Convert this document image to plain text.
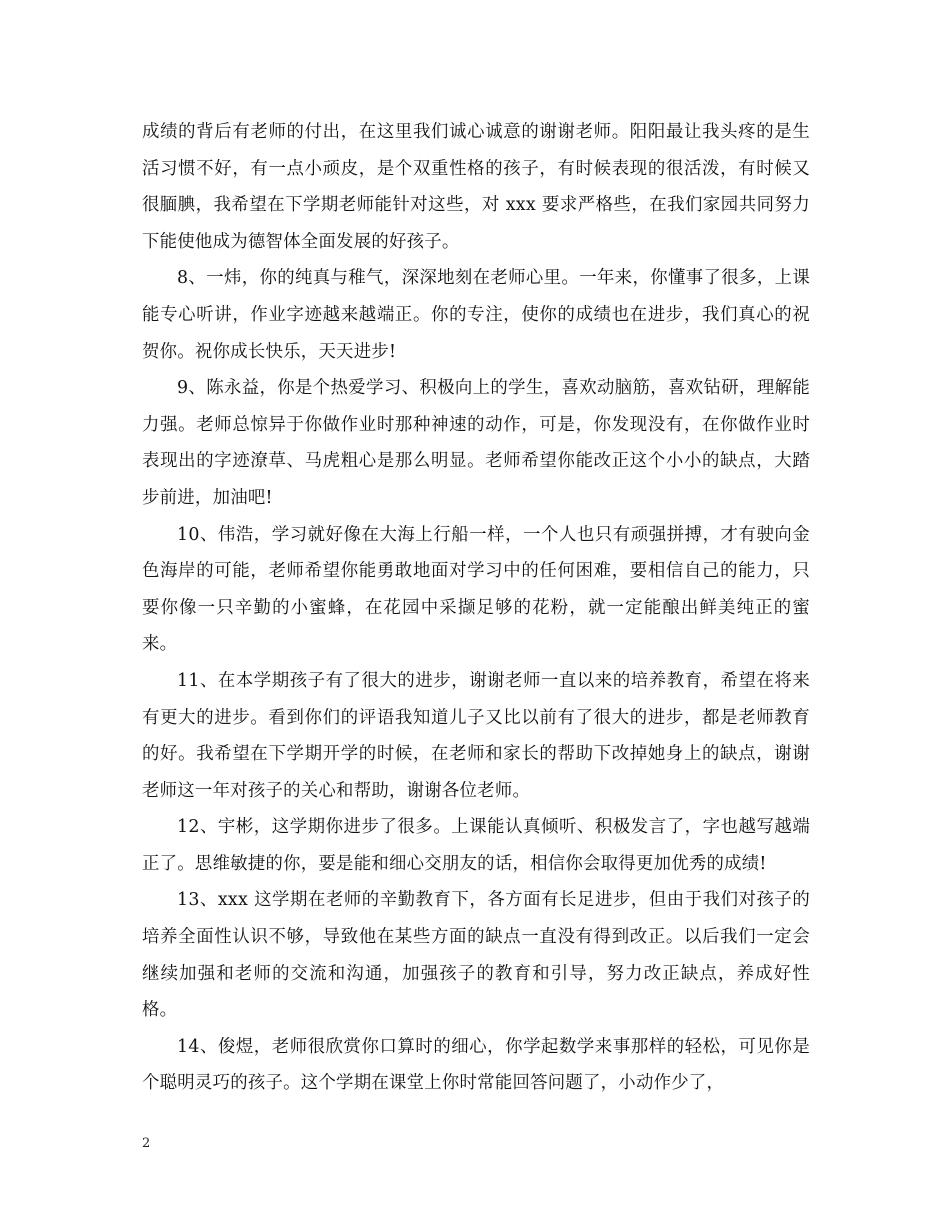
成绩的背后有老师的付出，在这里我们诚心诚意的谢谢老师。阳阳最让我头疼的是生活习惯不好，有一点小顽皮，是个双重性格的孩子，有时候表现的很活泼，有时候又很腼腆，我希望在下学期老师能针对这些，对 xxx 要求严格些，在我们家园共同努力下能使他成为德智体全面发展的好孩子。

8、一炜，你的纯真与稚气，深深地刻在老师心里。一年来，你懂事了很多，上课能专心听讲，作业字迹越来越端正。你的专注，使你的成绩也在进步，我们真心的祝贺你。祝你成长快乐，天天进步!

9、陈永益，你是个热爱学习、积极向上的学生，喜欢动脑筋，喜欢钻研，理解能力强。老师总惊异于你做作业时那种神速的动作，可是，你发现没有，在你做作业时表现出的字迹潦草、马虎粗心是那么明显。老师希望你能改正这个小小的缺点，大踏步前进，加油吧!

10、伟浩，学习就好像在大海上行船一样，一个人也只有顽强拼搏，才有驶向金色海岸的可能，老师希望你能勇敢地面对学习中的任何困难，要相信自己的能力，只要你像一只辛勤的小蜜蜂，在花园中采撷足够的花粉，就一定能酿出鲜美纯正的蜜来。

11、在本学期孩子有了很大的进步，谢谢老师一直以来的培养教育，希望在将来有更大的进步。看到你们的评语我知道儿子又比以前有了很大的进步，都是老师教育的好。我希望在下学期开学的时候，在老师和家长的帮助下改掉她身上的缺点，谢谢老师这一年对孩子的关心和帮助，谢谢各位老师。

12、宇彬，这学期你进步了很多。上课能认真倾听、积极发言了，字也越写越端正了。思维敏捷的你，要是能和细心交朋友的话，相信你会取得更加优秀的成绩!

13、xxx 这学期在老师的辛勤教育下，各方面有长足进步，但由于我们对孩子的培养全面性认识不够，导致他在某些方面的缺点一直没有得到改正。以后我们一定会继续加强和老师的交流和沟通，加强孩子的教育和引导，努力改正缺点，养成好性格。

14、俊煜，老师很欣赏你口算时的细心，你学起数学来事那样的轻松，可见你是个聪明灵巧的孩子。这个学期在课堂上你时常能回答问题了，小动作少了，

2
